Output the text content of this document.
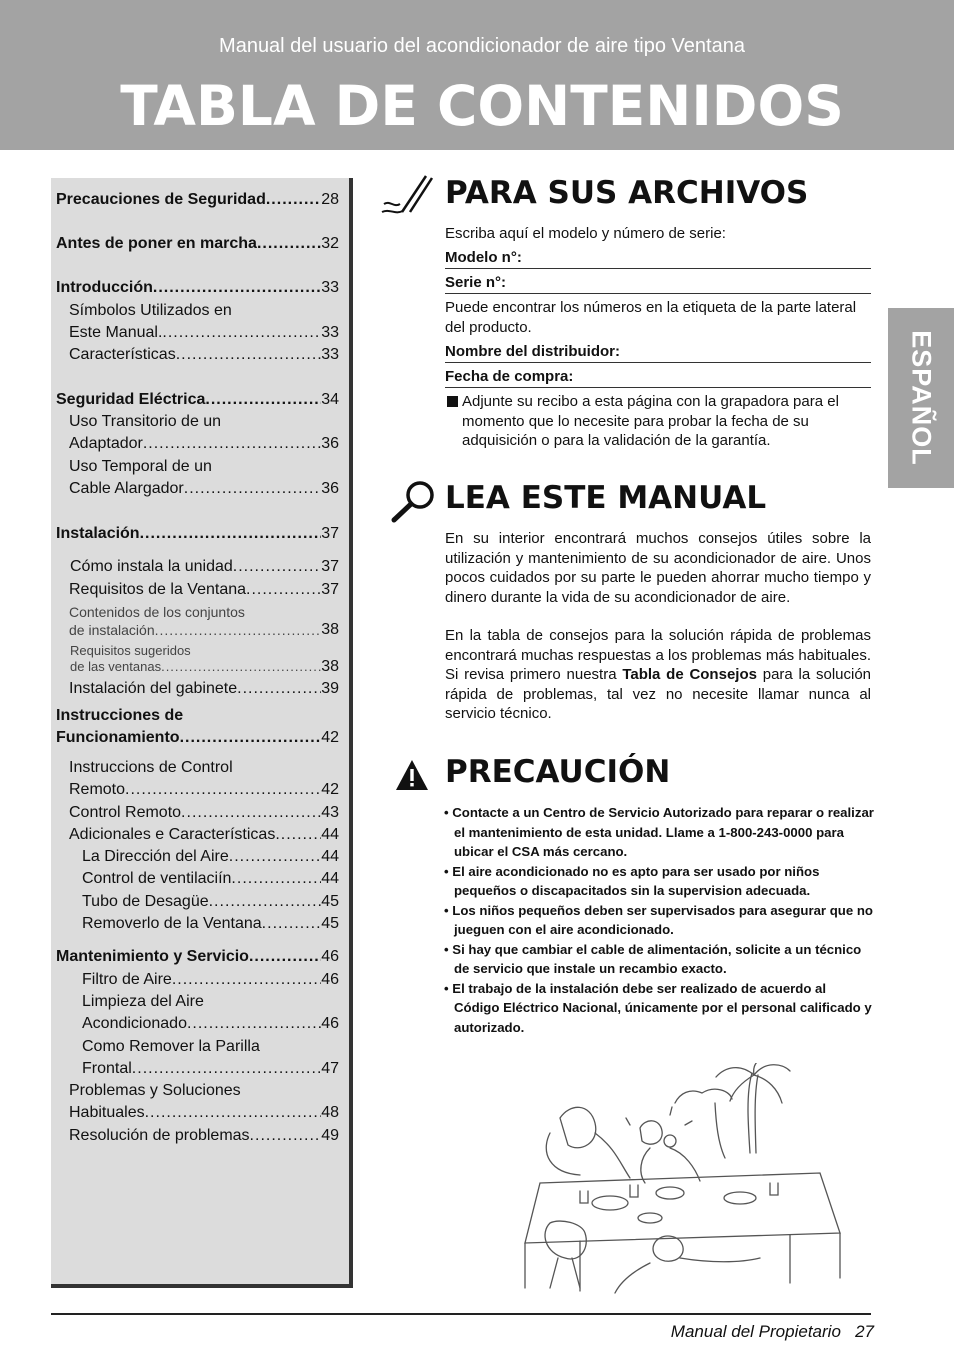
Manual del usuario del acondicionador de aire tipo Ventana
TABLA DE CONTENIDOS
ESPAÑOL
Precauciones de Seguridad .....	28
Antes de poner en marcha .....	32
Introducción .....	33
Símbolos Utilizados en
Este Manual. .....	33
Características .....	33
Seguridad Eléctrica .....	34
Uso Transitorio de un
Adaptador .....	36
Uso Temporal de un
Cable Alargador .....	36
Instalación .....	37
Cómo instala la unidad .....	37
Requisitos de la Ventana .....	37
Contenidos de los conjuntos
de instalación .....	38
Requisitos sugeridos
de las ventanas .....	38
Instalación del gabinete .....	39
Instrucciones de
Funcionamiento .....	42
Instruccions de Control
Remoto .....	42
Control Remoto .....	43
Adicionales e Características .....	44
La Dirección del Aire .....	44
Control de ventilaciín .....	44
Tubo de Desagüe .....	45
Removerlo de la Ventana .....	45
Mantenimiento y Servicio .....	46
Filtro de Aire .....	46
Limpieza del Aire
Acondicionado .....	46
Como Remover la Parilla
Frontal .....	47
Problemas y Soluciones
Habituales .....	48
Resolución de problemas .....	49
PARA SUS ARCHIVOS
Escriba aquí el modelo y número de serie:
Modelo n°:
Serie n°:
Puede encontrar los números en la etiqueta de la parte lateral del producto.
Nombre del distribuidor:
Fecha de compra:
Adjunte su recibo a esta página con la grapadora para el momento que lo necesite para probar la fecha de su adquisición o para la validación de la garantía.
LEA ESTE MANUAL
En su interior encontrará muchos consejos útiles sobre la utilización y mantenimiento de su acondicionador de aire. Unos pocos cuidados por su parte le pueden ahorrar mucho tiempo y dinero durante la vida de su acondicionador de aire.
En la tabla de consejos para la solución rápida de problemas encontrará muchas respuestas a los problemas más habituales. Si revisa primero nuestra Tabla de Consejos para la solución rápida de problemas, tal vez no necesite llamar nunca al servicio técnico.
PRECAUCIÓN
• Contacte a un Centro de Servicio Autorizado para reparar o realizar el mantenimiento de esta unidad. Llame a 1-800-243-0000 para ubicar el CSA más cercano.
• El aire acondicionado no es apto para ser usado por niños pequeños o discapacitados sin la supervision adecuada.
• Los niños pequeños deben ser supervisados para asegurar que no jueguen con el aire acondicionado.
• Si hay que cambiar el cable de alimentación, solicite a un técnico de servicio que instale un recambio exacto.
• El trabajo de la instalación debe ser realizado de acuerdo al Código Eléctrico Nacional, únicamente por el personal calificado y autorizado.
Manual del Propietario 27
